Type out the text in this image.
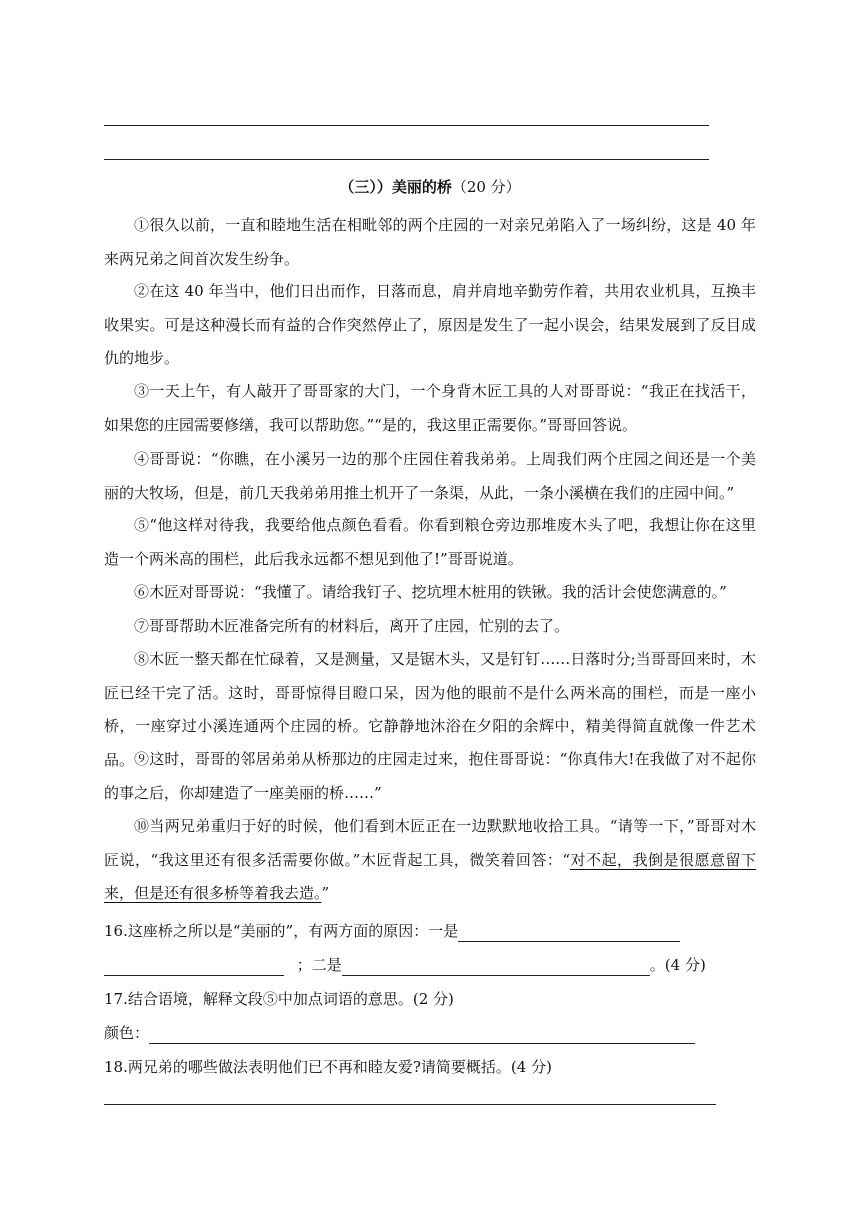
（三））美丽的桥（20 分）

①很久以前，一直和睦地生活在相毗邻的两个庄园的一对亲兄弟陷入了一场纠纷，这是 40 年来两兄弟之间首次发生纷争。

②在这 40 年当中，他们日出而作，日落而息，肩并肩地辛勤劳作着，共用农业机具，互换丰收果实。可是这种漫长而有益的合作突然停止了，原因是发生了一起小误会，结果发展到了反目成仇的地步。

③一天上午，有人敲开了哥哥家的大门，一个身背木匠工具的人对哥哥说：“我正在找活干，如果您的庄园需要修缮，我可以帮助您。”“是的，我这里正需要你。”哥哥回答说。

④哥哥说：“你瞧，在小溪另一边的那个庄园住着我弟弟。上周我们两个庄园之间还是一个美丽的大牧场，但是，前几天我弟弟用推土机开了一条渠，从此，一条小溪横在我们的庄园中间。”

⑤“他这样对待我，我要给他点颜色看看。你看到粮仓旁边那堆废木头了吧，我想让你在这里造一个两米高的围栏，此后我永远都不想见到他了!”哥哥说道。

⑥木匠对哥哥说：“我懂了。请给我钉子、挖坑埋木桩用的铁锹。我的活计会使您满意的。”

⑦哥哥帮助木匠准备完所有的材料后，离开了庄园，忙别的去了。

⑧木匠一整天都在忙碌着，又是测量，又是锯木头，又是钉钉……日落时分;当哥哥回来时，木匠已经干完了活。这时，哥哥惊得目瞪口呆，因为他的眼前不是什么两米高的围栏，而是一座小桥，一座穿过小溪连通两个庄园的桥。它静静地沐浴在夕阳的余辉中，精美得简直就像一件艺术品。 ⑨这时，哥哥的邻居弟弟从桥那边的庄园走过来，抱住哥哥说：“你真伟大!在我做了对不起你的事之后，你却建造了一座美丽的桥……”

⑩当两兄弟重归于好的时候，他们看到木匠正在一边默默地收拾工具。“请等一下，”哥哥对木匠说，“我这里还有很多活需要你做。”木匠背起工具，微笑着回答：“对不起，我倒是很愿意留下来，但是还有很多桥等着我去造。”

16.这座桥之所以是“美丽的”，有两方面的原因：一是
；二是	。(4 分)
17.结合语境，解释文段⑤中加点词语的意思。(2 分)
颜色：
18.两兄弟的哪些做法表明他们已不再和睦友爱?请简要概括。(4 分)
